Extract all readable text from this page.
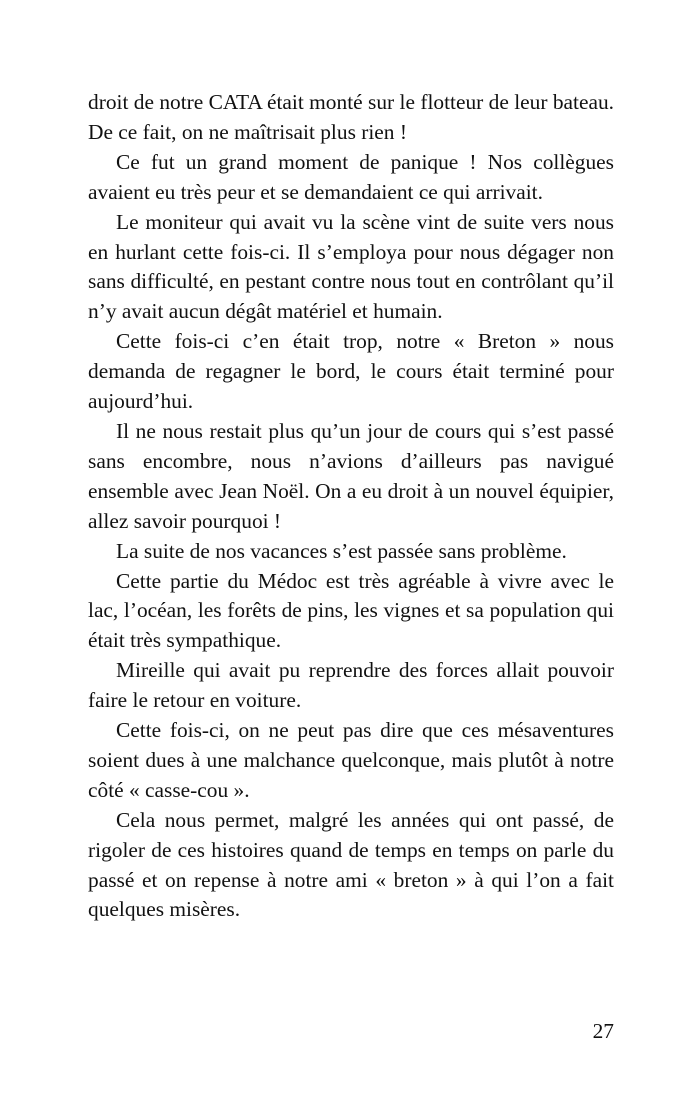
droit de notre CATA était monté sur le flotteur de leur bateau. De ce fait, on ne maîtrisait plus rien !

Ce fut un grand moment de panique ! Nos collègues avaient eu très peur et se demandaient ce qui arrivait.

Le moniteur qui avait vu la scène vint de suite vers nous en hurlant cette fois-ci. Il s’employa pour nous dégager non sans difficulté, en pestant contre nous tout en contrôlant qu’il n’y avait aucun dégât matériel et humain.

Cette fois-ci c’en était trop, notre « Breton » nous demanda de regagner le bord, le cours était terminé pour aujourd’hui.

Il ne nous restait plus qu’un jour de cours qui s’est passé sans encombre, nous n’avions d’ailleurs pas navigué ensemble avec Jean Noël. On a eu droit à un nouvel équipier, allez savoir pourquoi !

La suite de nos vacances s’est passée sans problème.

Cette partie du Médoc est très agréable à vivre avec le lac, l’océan, les forêts de pins, les vignes et sa population qui était très sympathique.

Mireille qui avait pu reprendre des forces allait pouvoir faire le retour en voiture.

Cette fois-ci, on ne peut pas dire que ces mésaventures soient dues à une malchance quelconque, mais plutôt à notre côté « casse-cou ».

Cela nous permet, malgré les années qui ont passé, de rigoler de ces histoires quand de temps en temps on parle du passé et on repense à notre ami « breton » à qui l’on a fait quelques misères.

27
